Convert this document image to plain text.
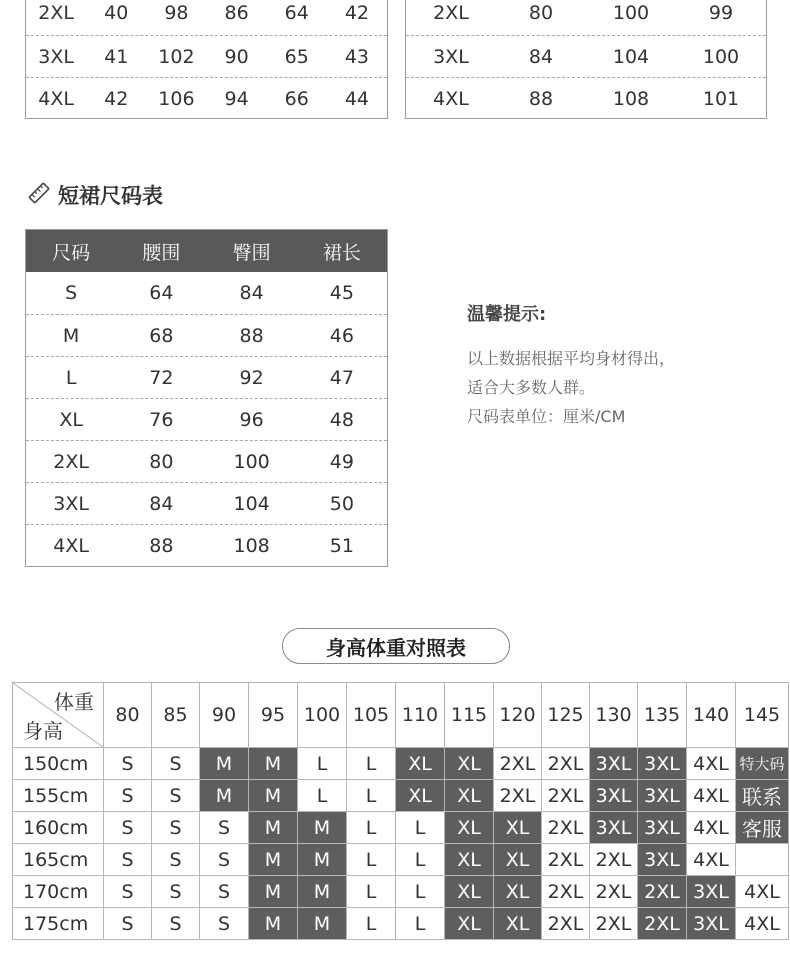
2XL	40	98	86	64	42
3XL	41	102	90	65	43
4XL	42	106	94	66	44
2XL	80	100	99
3XL	84	104	100
4XL	88	108	101
短裙尺码表
尺码	腰围	臀围	裙长
S	64	84	45
M	68	88	46
L	72	92	47
XL	76	96	48
2XL	80	100	49
3XL	84	104	50
4XL	88	108	51
温馨提示:
以上数据根据平均身材得出，
适合大多数人群。
尺码表单位：厘米/CM
身高体重对照表
体重
身高	80	85	90	95	100	105	110	115	120	125	130	135	140	145
150cm	S	S	M	M	L	L	XL	XL	2XL	2XL	3XL	3XL	4XL	特大码
155cm	S	S	M	M	L	L	XL	XL	2XL	2XL	3XL	3XL	4XL	联系
160cm	S	S	S	M	M	L	L	XL	XL	2XL	3XL	3XL	4XL	客服
165cm	S	S	S	M	M	L	L	XL	XL	2XL	2XL	3XL	4XL	
170cm	S	S	S	M	M	L	L	XL	XL	2XL	2XL	2XL	3XL	4XL
175cm	S	S	S	M	M	L	L	XL	XL	2XL	2XL	2XL	3XL	4XL
